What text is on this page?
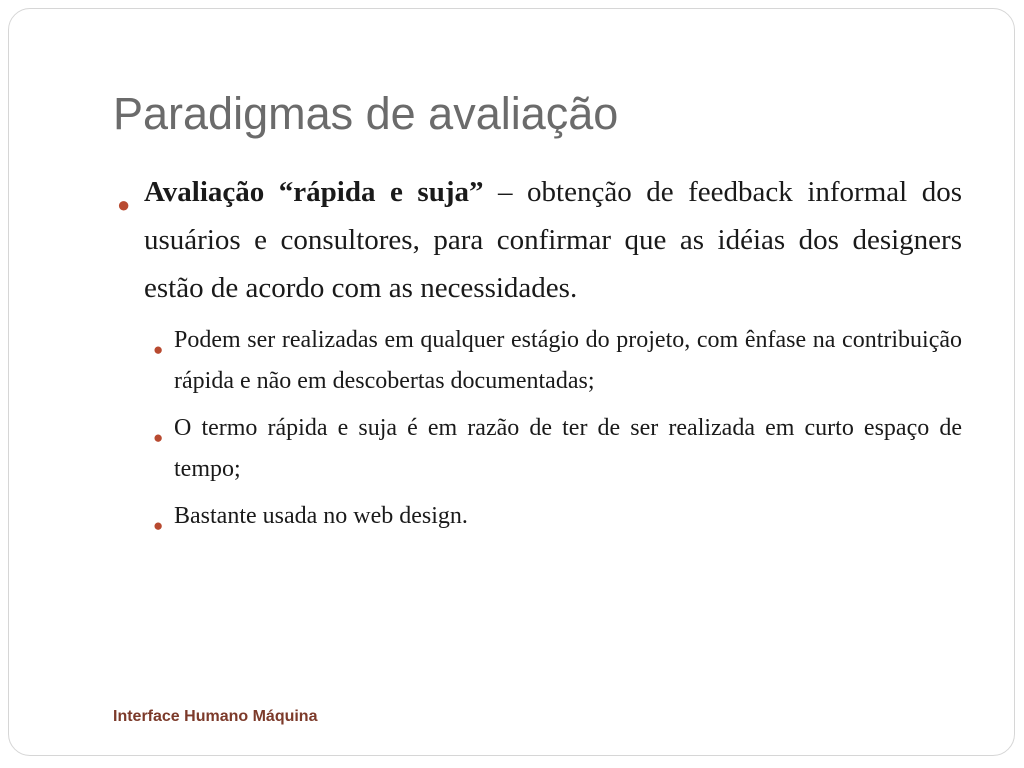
Paradigmas de avaliação

● Avaliação “rápida e suja” – obtenção de feedback informal dos usuários e consultores, para confirmar que as idéias dos designers estão de acordo com as necessidades.

● Podem ser realizadas em qualquer estágio do projeto, com ênfase na contribuição rápida e não em descobertas documentadas;

● O termo rápida e suja é em razão de ter de ser realizada em curto espaço de tempo;

● Bastante usada no web design.

Interface Humano Máquina
